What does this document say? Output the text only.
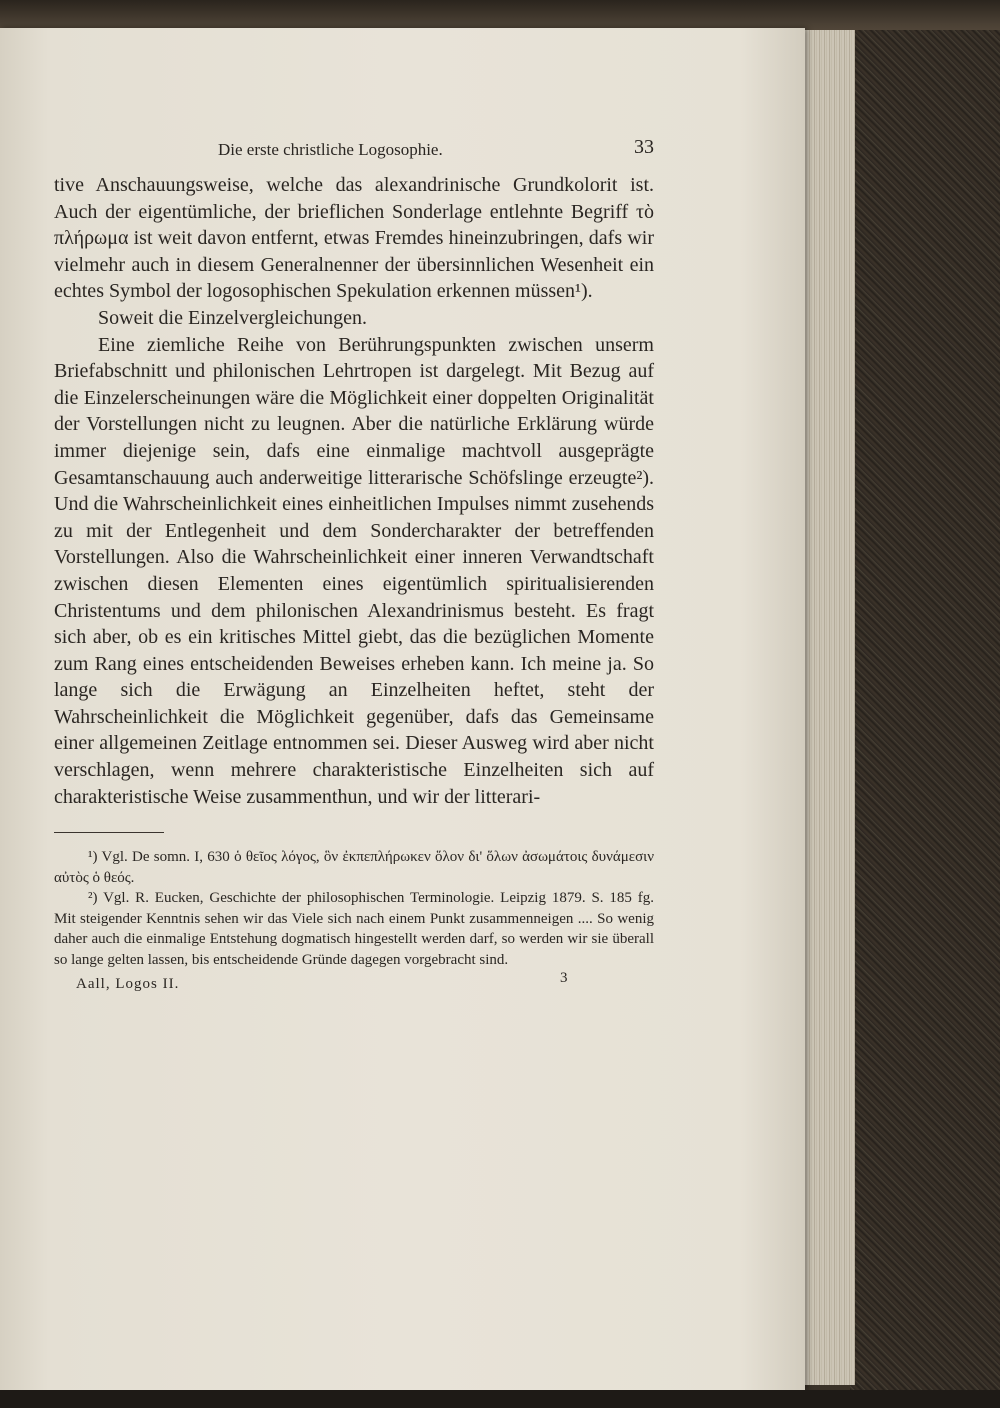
Die erste christliche Logosophie.	33

tive Anschauungsweise, welche das alexandrinische Grundkolorit ist. Auch der eigentümliche, der brieflichen Sonderlage entlehnte Begriff τὸ πλήρωμα ist weit davon entfernt, etwas Fremdes hineinzubringen, dafs wir vielmehr auch in diesem Generalnenner der übersinnlichen Wesenheit ein echtes Symbol der logosophischen Spekulation erkennen müssen¹).

Soweit die Einzelvergleichungen.

Eine ziemliche Reihe von Berührungspunkten zwischen unserm Briefabschnitt und philonischen Lehrtropen ist dargelegt. Mit Bezug auf die Einzelerscheinungen wäre die Möglichkeit einer doppelten Originalität der Vorstellungen nicht zu leugnen. Aber die natürliche Erklärung würde immer diejenige sein, dafs eine einmalige machtvoll ausgeprägte Gesamtanschauung auch anderweitige litterarische Schöfslinge erzeugte²). Und die Wahrscheinlichkeit eines einheitlichen Impulses nimmt zusehends zu mit der Entlegenheit und dem Sondercharakter der betreffenden Vorstellungen. Also die Wahrscheinlichkeit einer inneren Verwandtschaft zwischen diesen Elementen eines eigentümlich spiritualisierenden Christentums und dem philonischen Alexandrinismus besteht. Es fragt sich aber, ob es ein kritisches Mittel giebt, das die bezüglichen Momente zum Rang eines entscheidenden Beweises erheben kann. Ich meine ja. So lange sich die Erwägung an Einzelheiten heftet, steht der Wahrscheinlichkeit die Möglichkeit gegenüber, dafs das Gemeinsame einer allgemeinen Zeitlage entnommen sei. Dieser Ausweg wird aber nicht verschlagen, wenn mehrere charakteristische Einzelheiten sich auf charakteristische Weise zusammenthun, und wir der litterari-

¹) Vgl. De somn. I, 630 ὁ θεῖος λόγος, ὃν ἐκπεπλήρωκεν ὅλον δι' ὅλων ἀσωμάτοις δυνάμεσιν αὐτὸς ὁ θεός.

²) Vgl. R. Eucken, Geschichte der philosophischen Terminologie. Leipzig 1879. S. 185 fg. Mit steigender Kenntnis sehen wir das Viele sich nach einem Punkt zusammenneigen .... So wenig daher auch die einmalige Entstehung dogmatisch hingestellt werden darf, so werden wir sie überall so lange gelten lassen, bis entscheidende Gründe dagegen vorgebracht sind.

Aall, Logos II.	3
